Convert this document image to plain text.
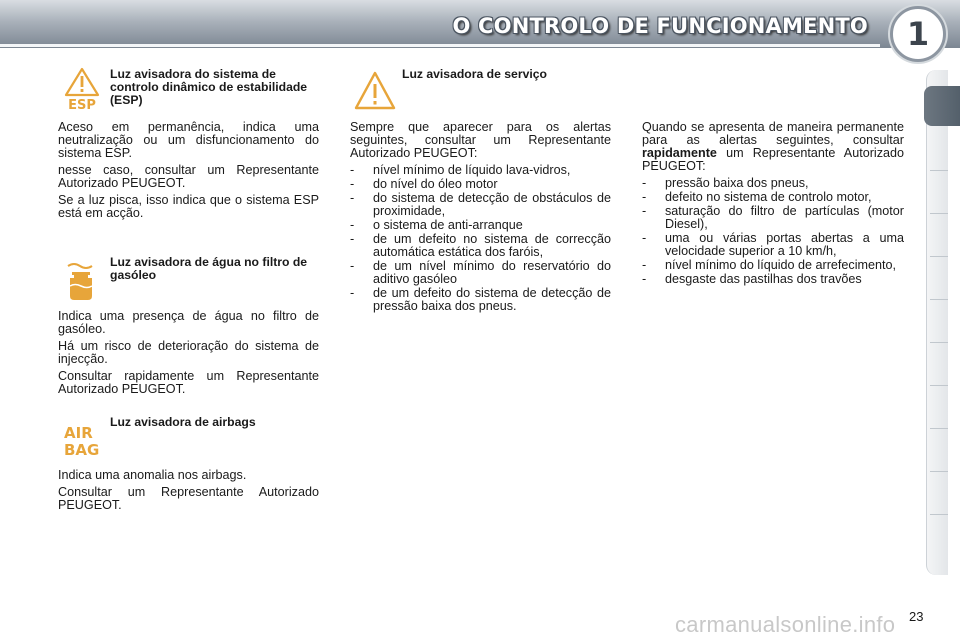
O CONTROLO DE FUNCIONAMENTO 1
ESP
Luz avisadora do sistema de controlo dinâmico de estabilidade (ESP)

Aceso em permanência, indica uma neutralização ou um disfuncionamento do sistema ESP.

nesse caso, consultar um Representante Autorizado PEUGEOT.

Se a luz pisca, isso indica que o sistema ESP está em acção.

Luz avisadora de água no filtro de gasóleo

Indica uma presença de água no filtro de gasóleo.

Há um risco de deterioração do sistema de injecção.

Consultar rapidamente um Representante Autorizado PEUGEOT.

AIR
BAG
Luz avisadora de airbags

Indica uma anomalia nos airbags.

Consultar um Representante Autorizado PEUGEOT.

Luz avisadora de serviço

Sempre que aparecer para os alertas seguintes, consultar um Representante Autorizado PEUGEOT:

- nível mínimo de líquido lava-vidros,
- do nível do óleo motor
- do sistema de detecção de obstáculos de proximidade,
- o sistema de anti-arranque
- de um defeito no sistema de correcção automática estática dos faróis,
- de um nível mínimo do reservatório do aditivo gasóleo
- de um defeito do sistema de detecção de pressão baixa dos pneus.

Quando se apresenta de maneira permanente para as alertas seguintes, consultar rapidamente um Representante Autorizado PEUGEOT:

- pressão baixa dos pneus,
- defeito no sistema de controlo motor,
- saturação do filtro de partículas (motor Diesel),
- uma ou várias portas abertas a uma velocidade superior a 10 km/h,
- nível mínimo do líquido de arrefecimento,
- desgaste das pastilhas dos travões
carmanualsonline.info 23
